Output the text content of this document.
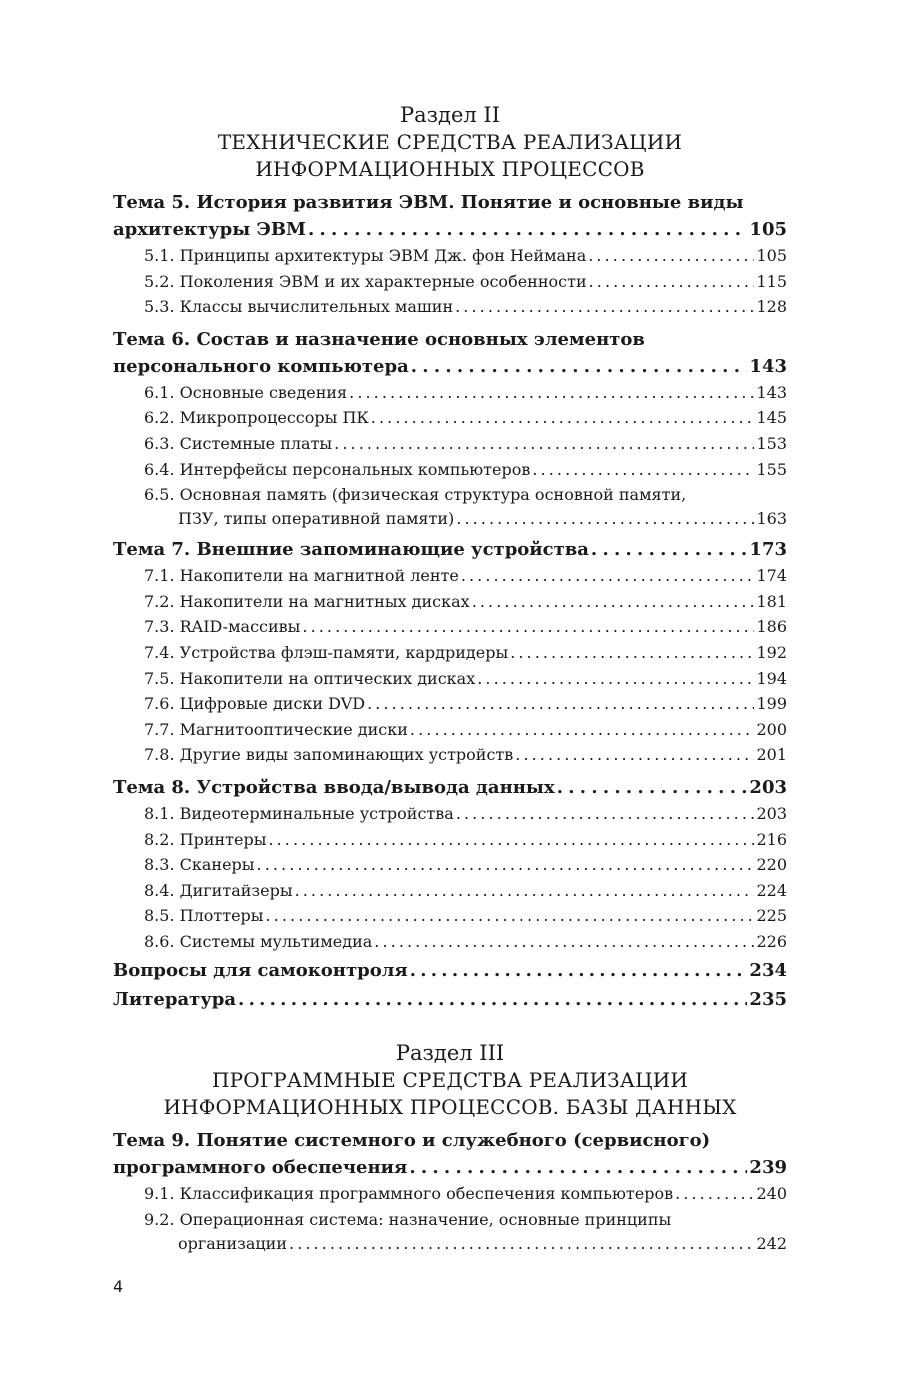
Раздел II
ТЕХНИЧЕСКИЕ СРЕДСТВА РЕАЛИЗАЦИИ
ИНФОРМАЦИОННЫХ ПРОЦЕССОВ
Тема 5. История развития ЭВМ. Понятие и основные виды
архитектуры ЭВМ . . .	105
5.1. Принципы архитектуры ЭВМ Дж. фон Неймана . . .	105
5.2. Поколения ЭВМ и их характерные особенности . . .	115
5.3. Классы вычислительных машин . . .	128
Тема 6. Состав и назначение основных элементов
персонального компьютера . . .	143
6.1. Основные сведения . . .	143
6.2. Микропроцессоры ПК . . .	145
6.3. Системные платы . . .	153
6.4. Интерфейсы персональных компьютеров . . .	155
6.5. Основная память (физическая структура основной памяти,
ПЗУ, типы оперативной памяти) . . .	163
Тема 7. Внешние запоминающие устройства . . .	173
7.1. Накопители на магнитной ленте . . .	174
7.2. Накопители на магнитных дисках . . .	181
7.3. RAID-массивы . . .	186
7.4. Устройства флэш-памяти, кардридеры . . .	192
7.5. Накопители на оптических дисках . . .	194
7.6. Цифровые диски DVD . . .	199
7.7. Магнитооптические диски . . .	200
7.8. Другие виды запоминающих устройств . . .	201
Тема 8. Устройства ввода/вывода данных . . .	203
8.1. Видеотерминальные устройства . . .	203
8.2. Принтеры . . .	216
8.3. Сканеры . . .	220
8.4. Дигитайзеры . . .	224
8.5. Плоттеры . . .	225
8.6. Системы мультимедиа . . .	226
Вопросы для самоконтроля . . .	234
Литература . . .	235
Раздел III
ПРОГРАММНЫЕ СРЕДСТВА РЕАЛИЗАЦИИ
ИНФОРМАЦИОННЫХ ПРОЦЕССОВ. БАЗЫ ДАННЫХ
Тема 9. Понятие системного и служебного (сервисного)
программного обеспечения . . .	239
9.1. Классификация программного обеспечения компьютеров . . .	240
9.2. Операционная система: назначение, основные принципы
организации . . .	242
4
